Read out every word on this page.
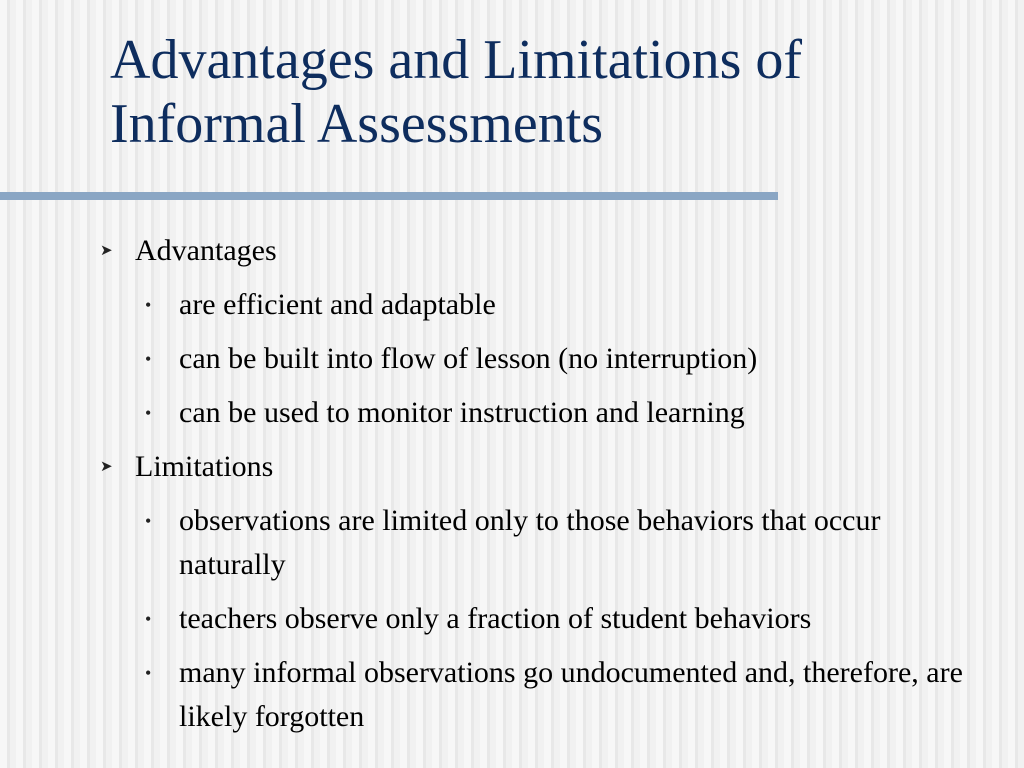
Advantages and Limitations of Informal Assessments
➤ Advantages
• are efficient and adaptable
• can be built into flow of lesson (no interruption)
• can be used to monitor instruction and learning
➤ Limitations
• observations are limited only to those behaviors that occur naturally
• teachers observe only a fraction of student behaviors
• many informal observations go undocumented and, therefore, are likely forgotten
